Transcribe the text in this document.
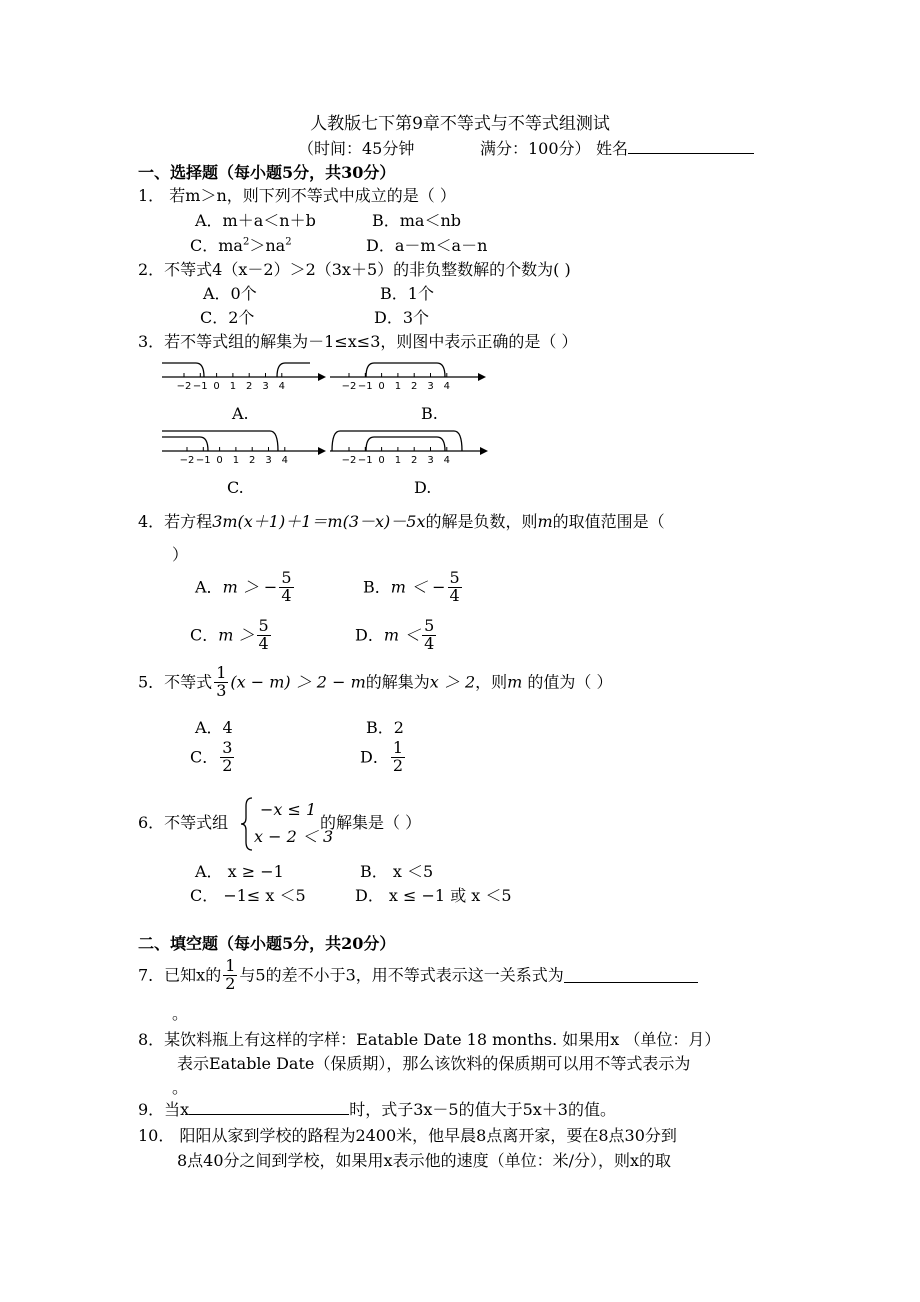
人教版七下第9章不等式与不等式组测试
（时间：45分钟	满分：100分） 姓名
一、选择题（每小题5分，共30分）
1． 若m＞n，则下列不等式中成立的是（ ）
A．m＋a＜n＋b	B．ma＜nb
C．$ma^2>na^2$	D．a－m＜a－n
2．不等式4（x－2）＞2（3x＋5）的非负整数解的个数为( )
A．0个	B．1个
C．2个	D．3个
3．若不等式组的解集为－1≤x≤3，则图中表示正确的是（ ）
−2 −1 0 1 2 3 4	−2 −1 0 1 2 3 4
−2 −1 0 1 2 3 4	−2 −1 0 1 2 3 4
A.	B.
C.	D.
4．若方程3m(x＋1)＋1＝m(3－x)－5x的解是负数，则m的取值范围是（
）
A．m ＞ − $\frac{5}{4}$	B．m ＜ − $\frac{5}{4}$
C．$m > \frac{5}{4}$	D．$m < \frac{5}{4}$
5．不等式 $\frac{1}{3} (x - m) > 2 - m$的解集为x ＞ 2，则m 的值为（ ）
A．4	B．2
C． $\frac{3}{2}$	D． $\frac{1}{2}$
6．不等式组
−x ≤ 1
x − 2 ＜ 3
的解集是（ ）
A． x ≥ −1	B． x ＜5
C． −1≤ x ＜5	D． x ≤ −1 或 x ＜5
二、填空题（每小题5分，共20分）
7．已知x的 $\frac{1}{2}$ 与5的差不小于3，用不等式表示这一关系式为
。
8．某饮料瓶上有这样的字样：Eatable Date 18 months. 如果用x （单位：月）
表示Eatable Date（保质期），那么该饮料的保质期可以用不等式表示为
。
9．当x	时，式子3x－5的值大于5x＋3的值。
10． 阳阳从家到学校的路程为2400米，他早晨8点离开家，要在8点30分到
8点40分之间到学校，如果用x表示他的速度（单位：米/分），则x的取
